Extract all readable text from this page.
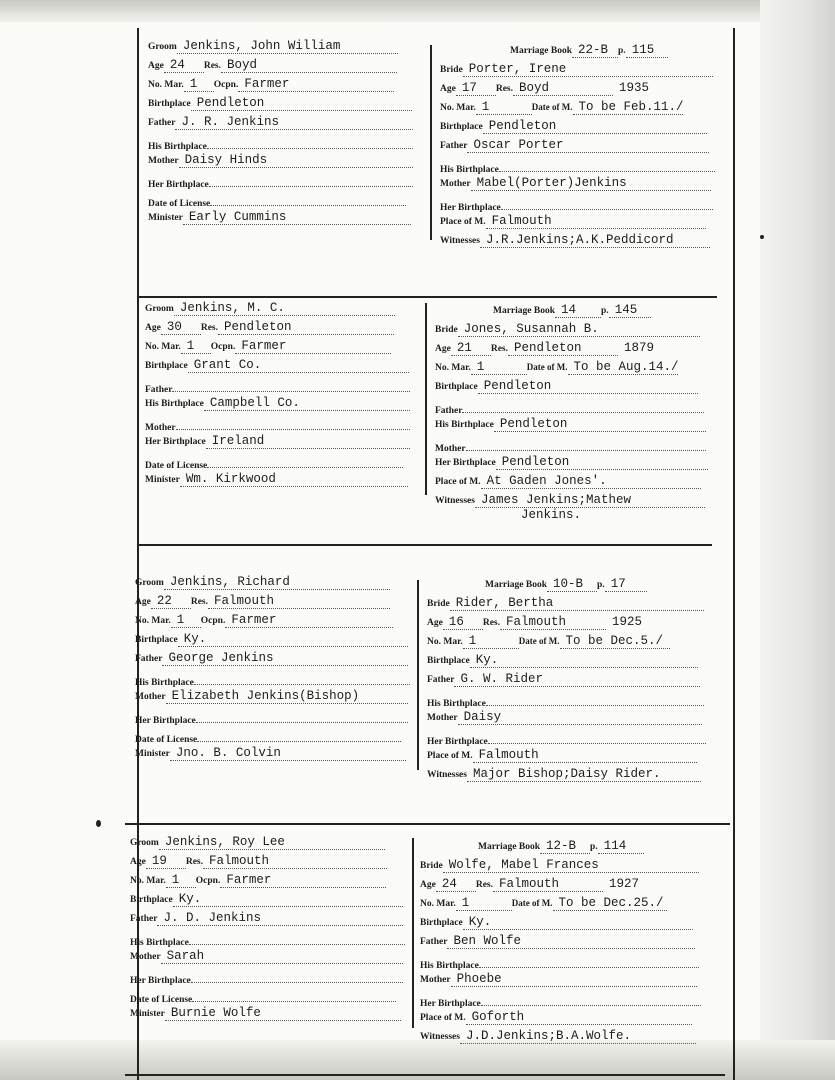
Groom Jenkins, John William
Age 24	Res. Boyd
No. Mar. 1	Ocpn. Farmer
Birthplace Pendleton
Father J. R. Jenkins
His Birthplace
Mother Daisy Hinds
Her Birthplace
Date of License
Minister Early Cummins
Marriage Book 22-B	p. 115
Bride Porter, Irene
Age 17	Res. Boyd	1935
No. Mar. 1	Date of M. To be Feb.11./
Birthplace Pendleton
Father Oscar Porter
His Birthplace
Mother Mabel(Porter)Jenkins
Her Birthplace
Place of M. Falmouth
Witnesses J.R.Jenkins;A.K.Peddicord
Groom Jenkins, M. C.
Age 30	Res. Pendleton
No. Mar. 1	Ocpn. Farmer
Birthplace Grant Co.
Father
His Birthplace Campbell Co.
Mother
Her Birthplace Ireland
Date of License
Minister Wm. Kirkwood
Marriage Book 14	p. 145
Bride Jones, Susannah B.
Age 21	Res. Pendleton	1879
No. Mar. 1	Date of M. To be Aug.14./
Birthplace Pendleton
Father
His Birthplace Pendleton
Mother
Her Birthplace Pendleton
Place of M. At Gaden Jones'.
Witnesses James Jenkins;Mathew
Jenkins.
Groom Jenkins, Richard
Age 22	Res. Falmouth
No. Mar. 1	Ocpn. Farmer
Birthplace Ky.
Father George Jenkins
His Birthplace
Mother Elizabeth Jenkins(Bishop)
Her Birthplace
Date of License
Minister Jno. B. Colvin
Marriage Book 10-B	p. 17
Bride Rider, Bertha
Age 16	Res. Falmouth	1925
No. Mar. 1	Date of M. To be Dec.5./
Birthplace Ky.
Father G. W. Rider
His Birthplace
Mother Daisy
Her Birthplace
Place of M. Falmouth
Witnesses Major Bishop;Daisy Rider.
Groom Jenkins, Roy Lee
Age 19	Res. Falmouth
No. Mar. 1	Ocpn. Farmer
Birthplace Ky.
Father J. D. Jenkins
His Birthplace
Mother Sarah
Her Birthplace
Date of License
Minister Burnie Wolfe
Marriage Book 12-B	p. 114
Bride Wolfe, Mabel Frances
Age 24	Res. Falmouth	1927
No. Mar. 1	Date of M. To be Dec.25./
Birthplace Ky.
Father Ben Wolfe
His Birthplace
Mother Phoebe
Her Birthplace
Place of M. Goforth
Witnesses J.D.Jenkins;B.A.Wolfe.
